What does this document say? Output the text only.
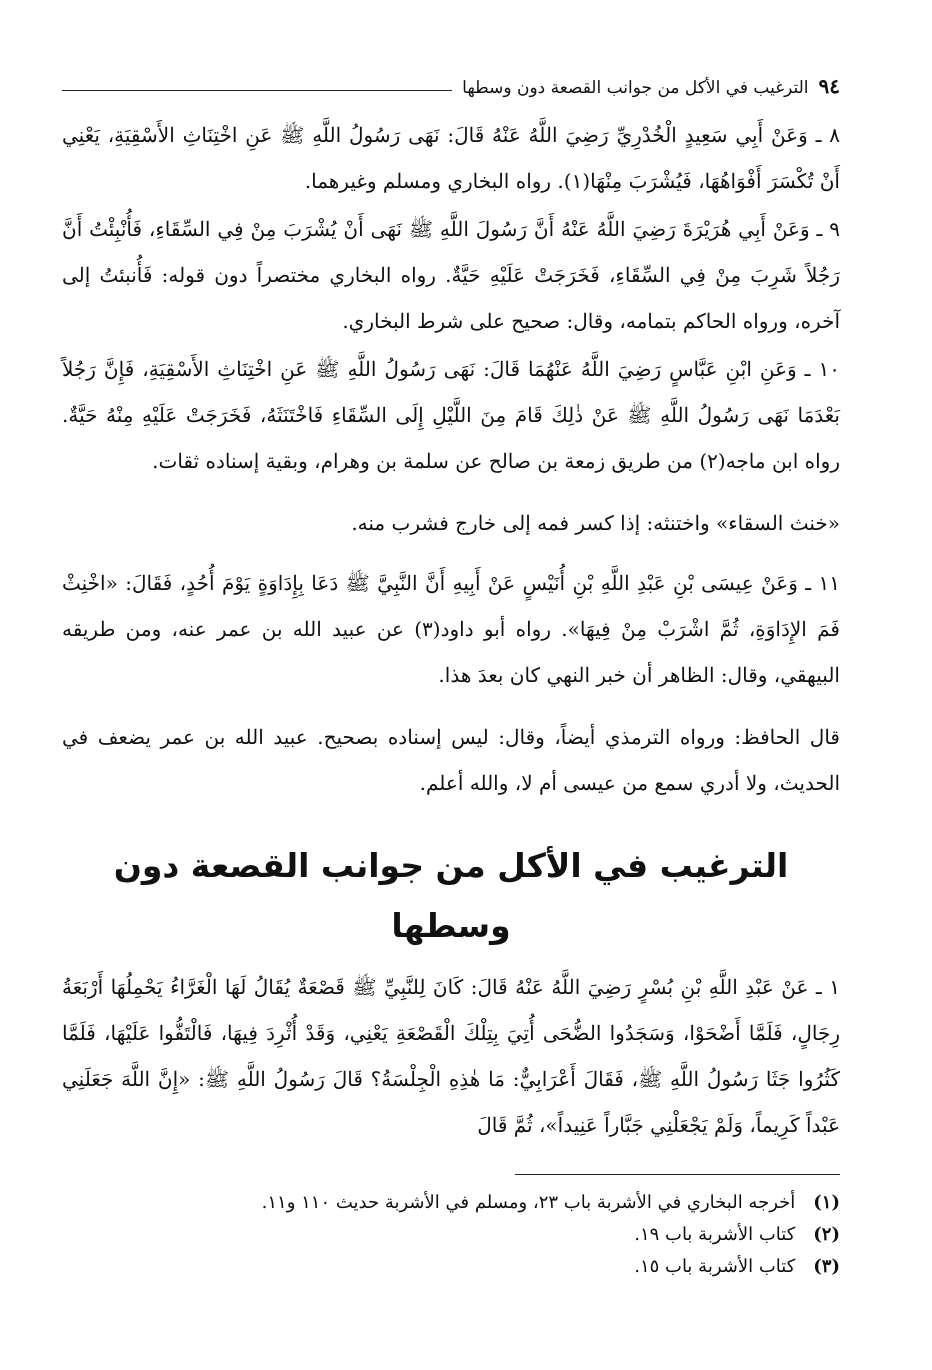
٩٤
الترغيب في الأكل من جوانب القصعة دون وسطها

٨ ـ وَعَنْ أَبِي سَعِيدٍ الْخُدْرِيِّ رَضِيَ اللَّهُ عَنْهُ قَالَ: نَهَى رَسُولُ اللَّهِ ﷺ عَنِ اخْتِنَاثِ الأَسْقِيَةِ، يَعْنِي أَنْ تُكْسَرَ أَفْوَاهُهَا، فَيُشْرَبَ مِنْهَا(١). رواه البخاري ومسلم وغيرهما.

٩ ـ وَعَنْ أَبِي هُرَيْرَةَ رَضِيَ اللَّهُ عَنْهُ أَنَّ رَسُولَ اللَّهِ ﷺ نَهَى أَنْ يُشْرَبَ مِنْ فِي السِّقَاءِ، فَأُنْبِئْتُ أَنَّ رَجُلاً شَرِبَ مِنْ فِي السِّقَاءِ، فَخَرَجَتْ عَلَيْهِ حَيَّةٌ. رواه البخاري مختصراً دون قوله: فَأُنبئتُ إلى آخره، ورواه الحاكم بتمامه، وقال: صحيح على شرط البخاري.

١٠ ـ وَعَنِ ابْنِ عَبَّاسٍ رَضِيَ اللَّهُ عَنْهُمَا قَالَ: نَهَى رَسُولُ اللَّهِ ﷺ عَنِ اخْتِنَاثِ الأَسْقِيَةِ، فَإِنَّ رَجُلاً بَعْدَمَا نَهَى رَسُولُ اللَّهِ ﷺ عَنْ ذٰلِكَ قَامَ مِنَ اللَّيْلِ إِلَى السِّقَاءِ فَاخْتَنَثَهُ، فَخَرَجَتْ عَلَيْهِ مِنْهُ حَيَّةٌ. رواه ابن ماجه(٢) من طريق زمعة بن صالح عن سلمة بن وهرام، وبقية إسناده ثقات.

«خنث السقاء» واختنثه: إذا كسر فمه إلى خارج فشرب منه.

١١ ـ وَعَنْ عِيسَى بْنِ عَبْدِ اللَّهِ بْنِ أُنَيْسٍ عَنْ أَبِيهِ أَنَّ النَّبِيَّ ﷺ دَعَا بِإِدَاوَةٍ يَوْمَ أُحُدٍ، فَقَالَ: «اخْنِثْ فَمَ الإِدَاوَةِ، ثُمَّ اشْرَبْ مِنْ فِيهَا». رواه أبو داود(٣) عن عبيد الله بن عمر عنه، ومن طريقه البيهقي، وقال: الظاهر أن خبر النهي كان بعدَ هذا.

قال الحافظ: ورواه الترمذي أيضاً، وقال: ليس إسناده بصحيح. عبيد الله بن عمر يضعف في الحديث، ولا أدري سمع من عيسى أم لا، والله أعلم.

الترغيب في الأكل من جوانب القصعة دون وسطها

١ ـ عَنْ عَبْدِ اللَّهِ بْنِ بُسْرٍ رَضِيَ اللَّهُ عَنْهُ قَالَ: كَانَ لِلنَّبِيِّ ﷺ قَصْعَةٌ يُقَالُ لَهَا الْغَرَّاءُ يَحْمِلُهَا أَرْبَعَةُ رِجَالٍ، فَلَمَّا أَضْحَوْا، وَسَجَدُوا الضُّحَى أُتِيَ بِتِلْكَ الْقَصْعَةِ يَعْنِي، وَقَدْ أُثْرِدَ فِيهَا، فَالْتَفُّوا عَلَيْهَا، فَلَمَّا كَثُرُوا جَثَا رَسُولُ اللَّهِ ﷺ، فَقَالَ أَعْرَابِيٌّ: مَا هٰذِهِ الْجِلْسَةُ؟ قَالَ رَسُولُ اللَّهِ ﷺ: «إِنَّ اللَّهَ جَعَلَنِي عَبْداً كَرِيماً، وَلَمْ يَجْعَلْنِي جَبَّاراً عَنِيداً»، ثُمَّ قَالَ

(١)
أخرجه البخاري في الأشربة باب ٢٣، ومسلم في الأشربة حديث ١١٠ و١١.
(٢)
كتاب الأشربة باب ١٩.
(٣)
كتاب الأشربة باب ١٥.
